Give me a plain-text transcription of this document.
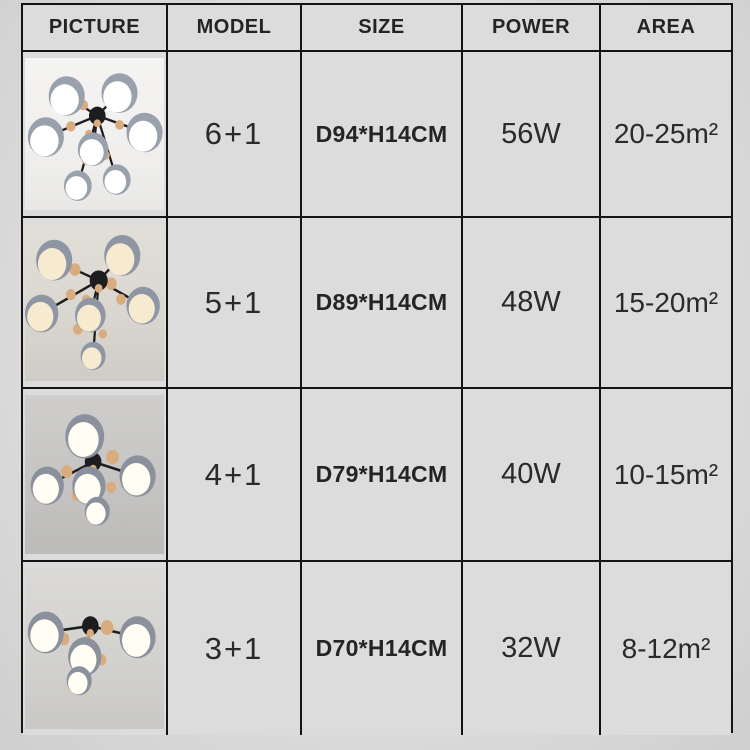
PICTURE	MODEL	SIZE	POWER	AREA
6+1	D94*H14CM	56W	20-25m²
5+1	D89*H14CM	48W	15-20m²
4+1	D79*H14CM	40W	10-15m²
3+1	D70*H14CM	32W	8-12m²
